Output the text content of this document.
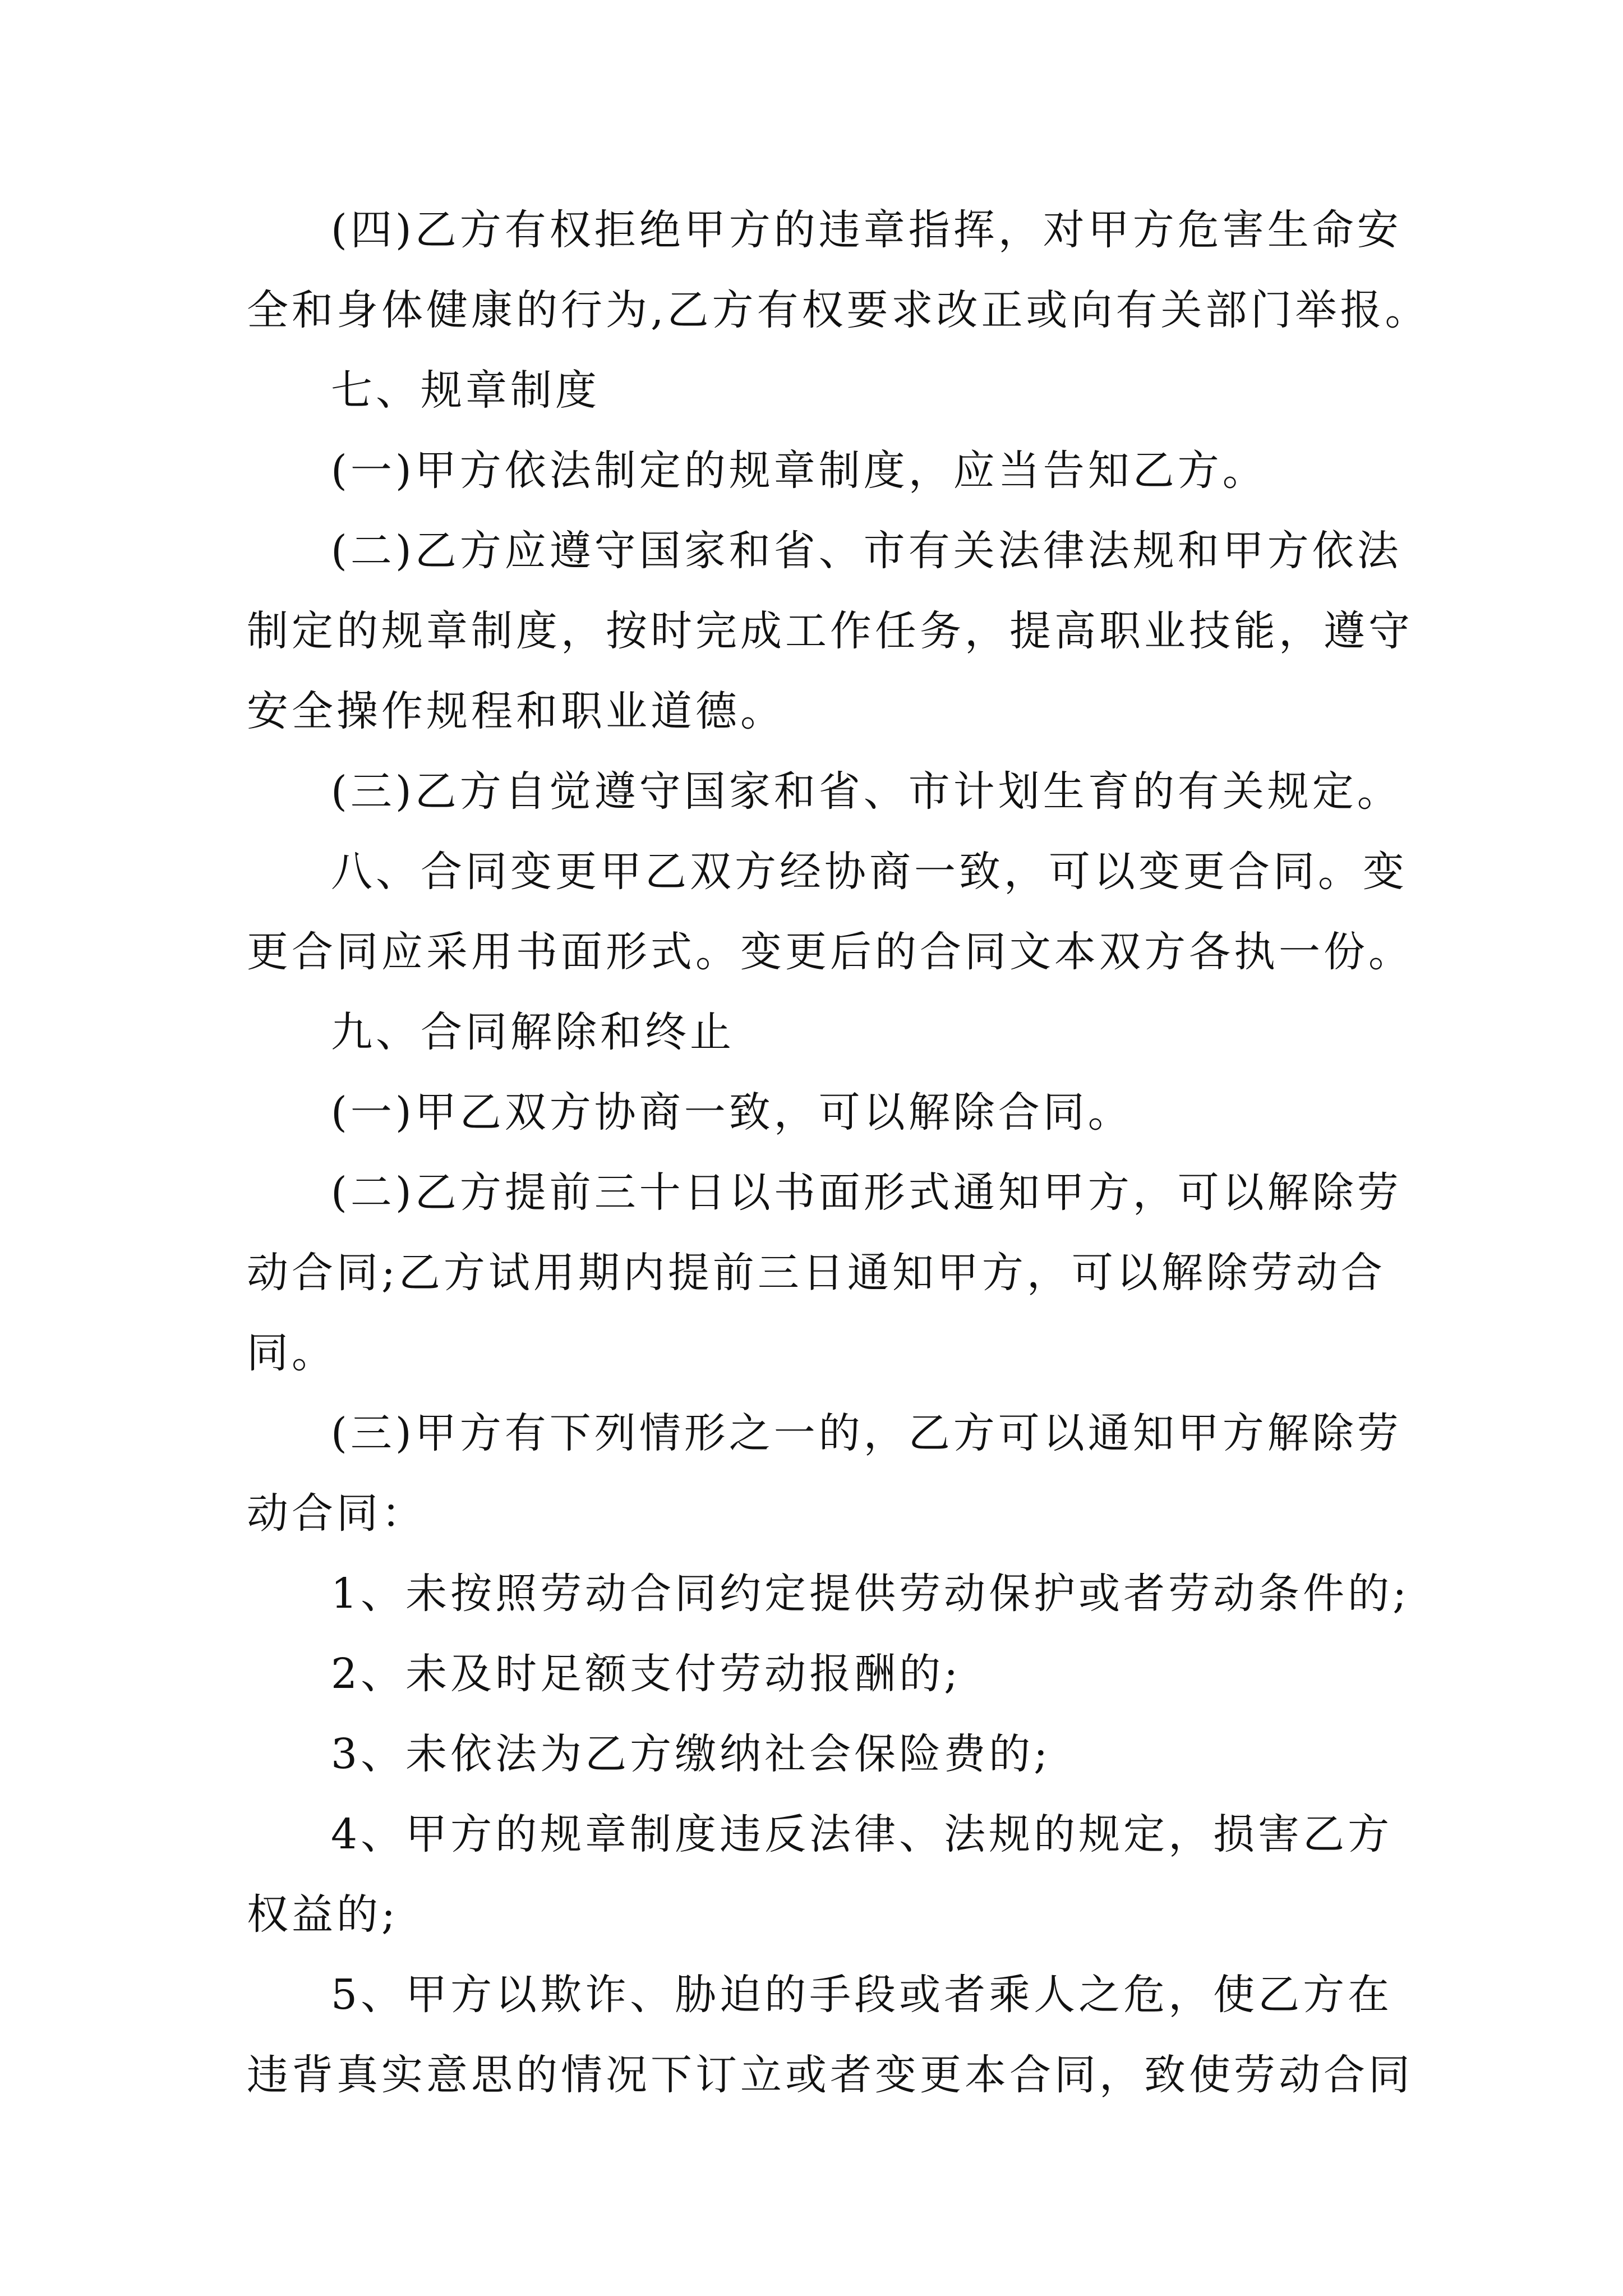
(四)乙方有权拒绝甲方的违章指挥，对甲方危害生命安
全和身体健康的行为,乙方有权要求改正或向有关部门举报。
七、规章制度
(一)甲方依法制定的规章制度，应当告知乙方。
(二)乙方应遵守国家和省、市有关法律法规和甲方依法
制定的规章制度，按时完成工作任务，提高职业技能，遵守
安全操作规程和职业道德。
(三)乙方自觉遵守国家和省、市计划生育的有关规定。
八、合同变更甲乙双方经协商一致，可以变更合同。变
更合同应采用书面形式。变更后的合同文本双方各执一份。
九、合同解除和终止
(一)甲乙双方协商一致，可以解除合同。
(二)乙方提前三十日以书面形式通知甲方，可以解除劳
动合同;乙方试用期内提前三日通知甲方，可以解除劳动合
同。
(三)甲方有下列情形之一的，乙方可以通知甲方解除劳
动合同：
1、未按照劳动合同约定提供劳动保护或者劳动条件的;
2、未及时足额支付劳动报酬的;
3、未依法为乙方缴纳社会保险费的;
4、甲方的规章制度违反法律、法规的规定，损害乙方
权益的;
5、甲方以欺诈、胁迫的手段或者乘人之危，使乙方在
违背真实意思的情况下订立或者变更本合同，致使劳动合同
